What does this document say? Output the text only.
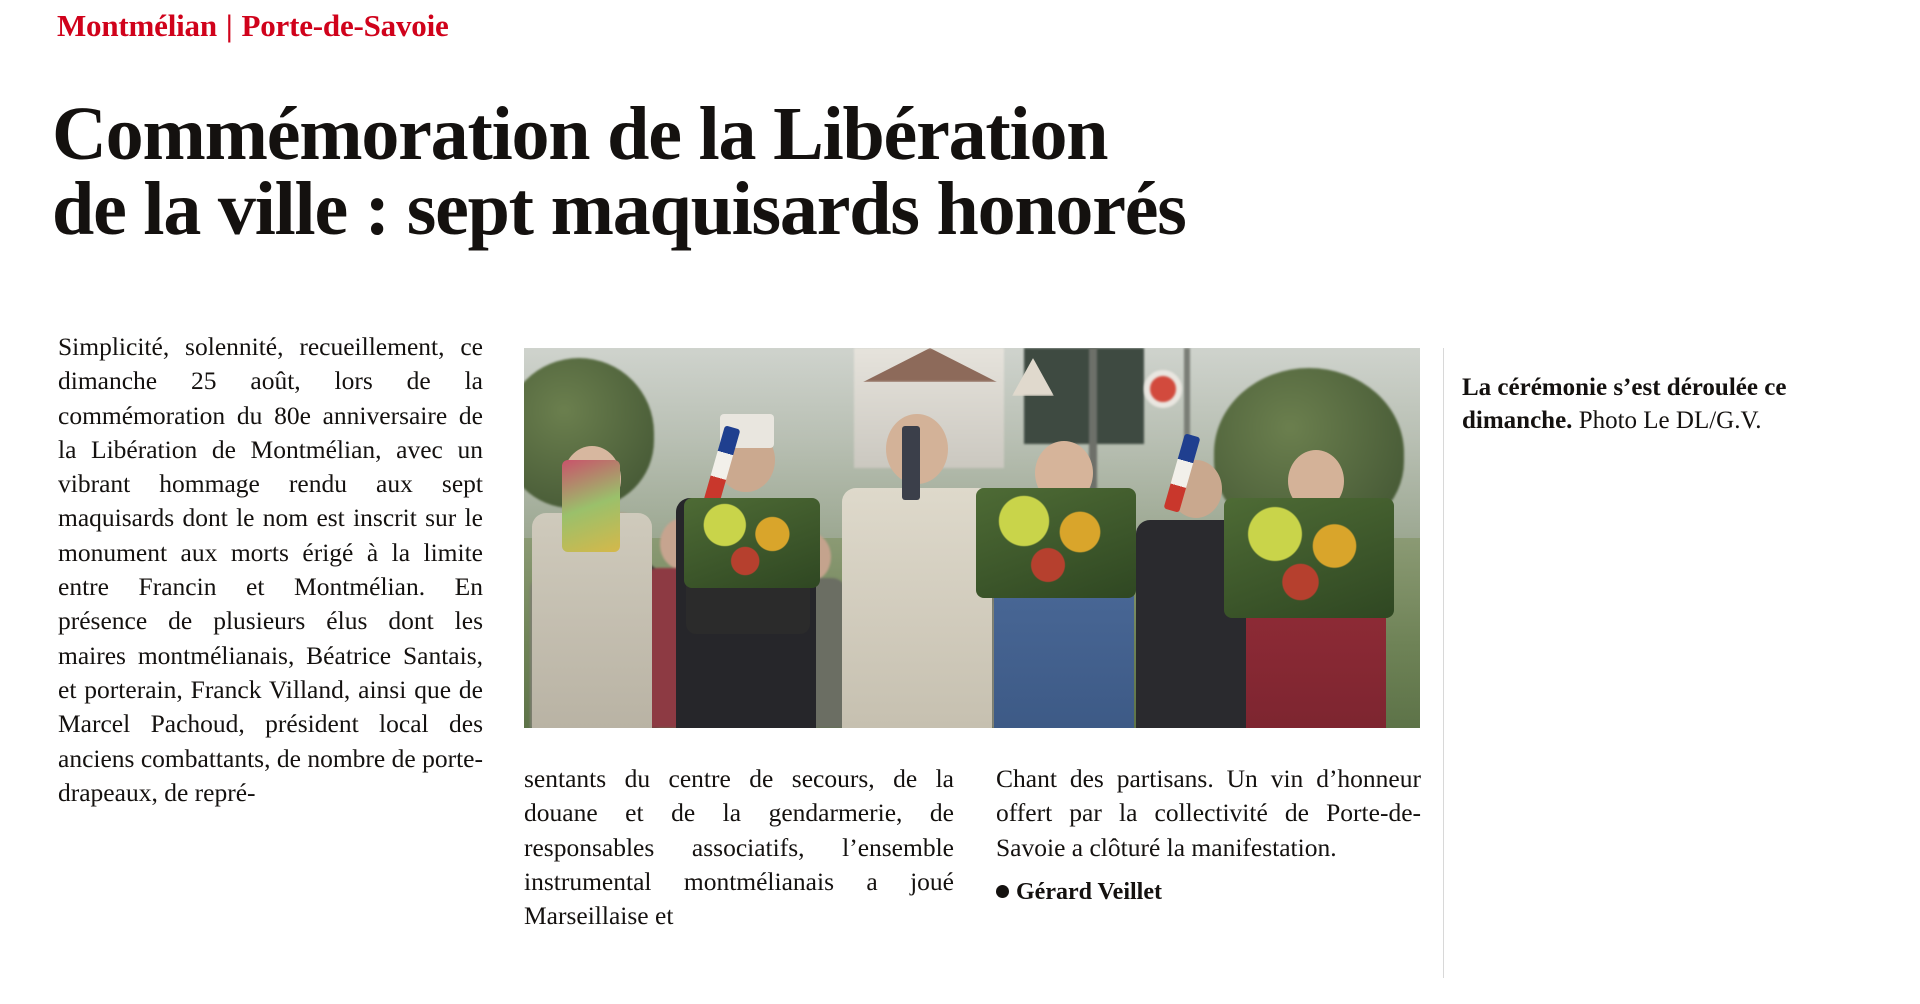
Montmélian | Porte-de-Savoie
Commémoration de la Libération
de la ville : sept maquisards honorés
La cérémonie s’est déroulée ce dimanche. Photo Le DL/G.V.

Simplicité, solennité, recueillement, ce dimanche 25 août, lors de la commémoration du 80e anniversaire de la Libération de Montmélian, avec un vibrant hommage rendu aux sept maquisards dont le nom est inscrit sur le monument aux morts érigé à la limite entre Francin et Montmélian. En présence de plusieurs élus dont les maires montmélianais, Béatrice Santais, et porterain, Franck Villand, ainsi que de Marcel Pachoud, président local des anciens combattants, de nombre de porte-drapeaux, de repré-	sentants du centre de secours, de la douane et de la gendarmerie, de responsables associatifs, l’ensemble instrumental montmélianais a joué Marseillaise et

Chant des partisans. Un vin d’honneur offert par la collectivité de Porte-de-Savoie a clôturé la manifestation.

Gérard Veillet
